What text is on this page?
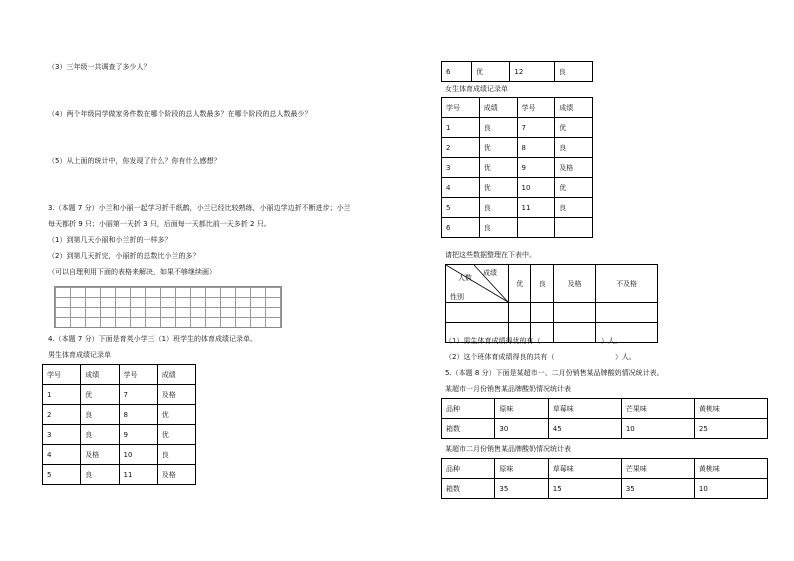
（3）三年级一共调查了多少人？
（4）两个年级同学做家务件数在哪个阶段的总人数最多？在哪个阶段的总人数最少？
（5）从上面的统计中，你发现了什么？你有什么感想？
3.（本题 7 分）小兰和小丽一起学习折千纸鹤，小兰已经比较熟练，小丽边学边折不断进步；小兰
每天都折 9 只；小丽第一天折 3 只，后面每一天都比前一天多折 2 只。
（1）到第几天小丽和小兰折的一样多？
（2）到第几天折完，小丽折的总数比小兰的多？
（可以自理利用下面的表格来解决，如果不够继续画）
4.（本题 7 分）下面是育英小学三（1）班学生的体育成绩记录单。
男生体育成绩记录单
学号	成绩	学号	成绩
1	优	7	及格
2	良	8	优
3	良	9	优
4	及格	10	良
5	良	11	及格
6	优	12	良
女生体育成绩记录单
学号	成绩	学号	成绩
1	良	7	优
2	优	8	良
3	优	9	及格
4	优	10	优
5	良	11	良
6	良		
请把这些数据整理在下表中。
成绩
人数
性别	优	良	及格	不及格

（1）男生体育成绩得优的有（	）人。
（2）这个班体育成绩得良的共有（	）人。
5.（本题 8 分）下面是某超市一、二月份销售某品牌酸奶情况统计表。
某超市一月份销售某品牌酸奶情况统计表
品种	原味	草莓味	芒果味	黄桃味
箱数	30	45	10	25
某超市二月份销售某品牌酸奶情况统计表
品种	原味	草莓味	芒果味	黄桃味
箱数	35	15	35	10
